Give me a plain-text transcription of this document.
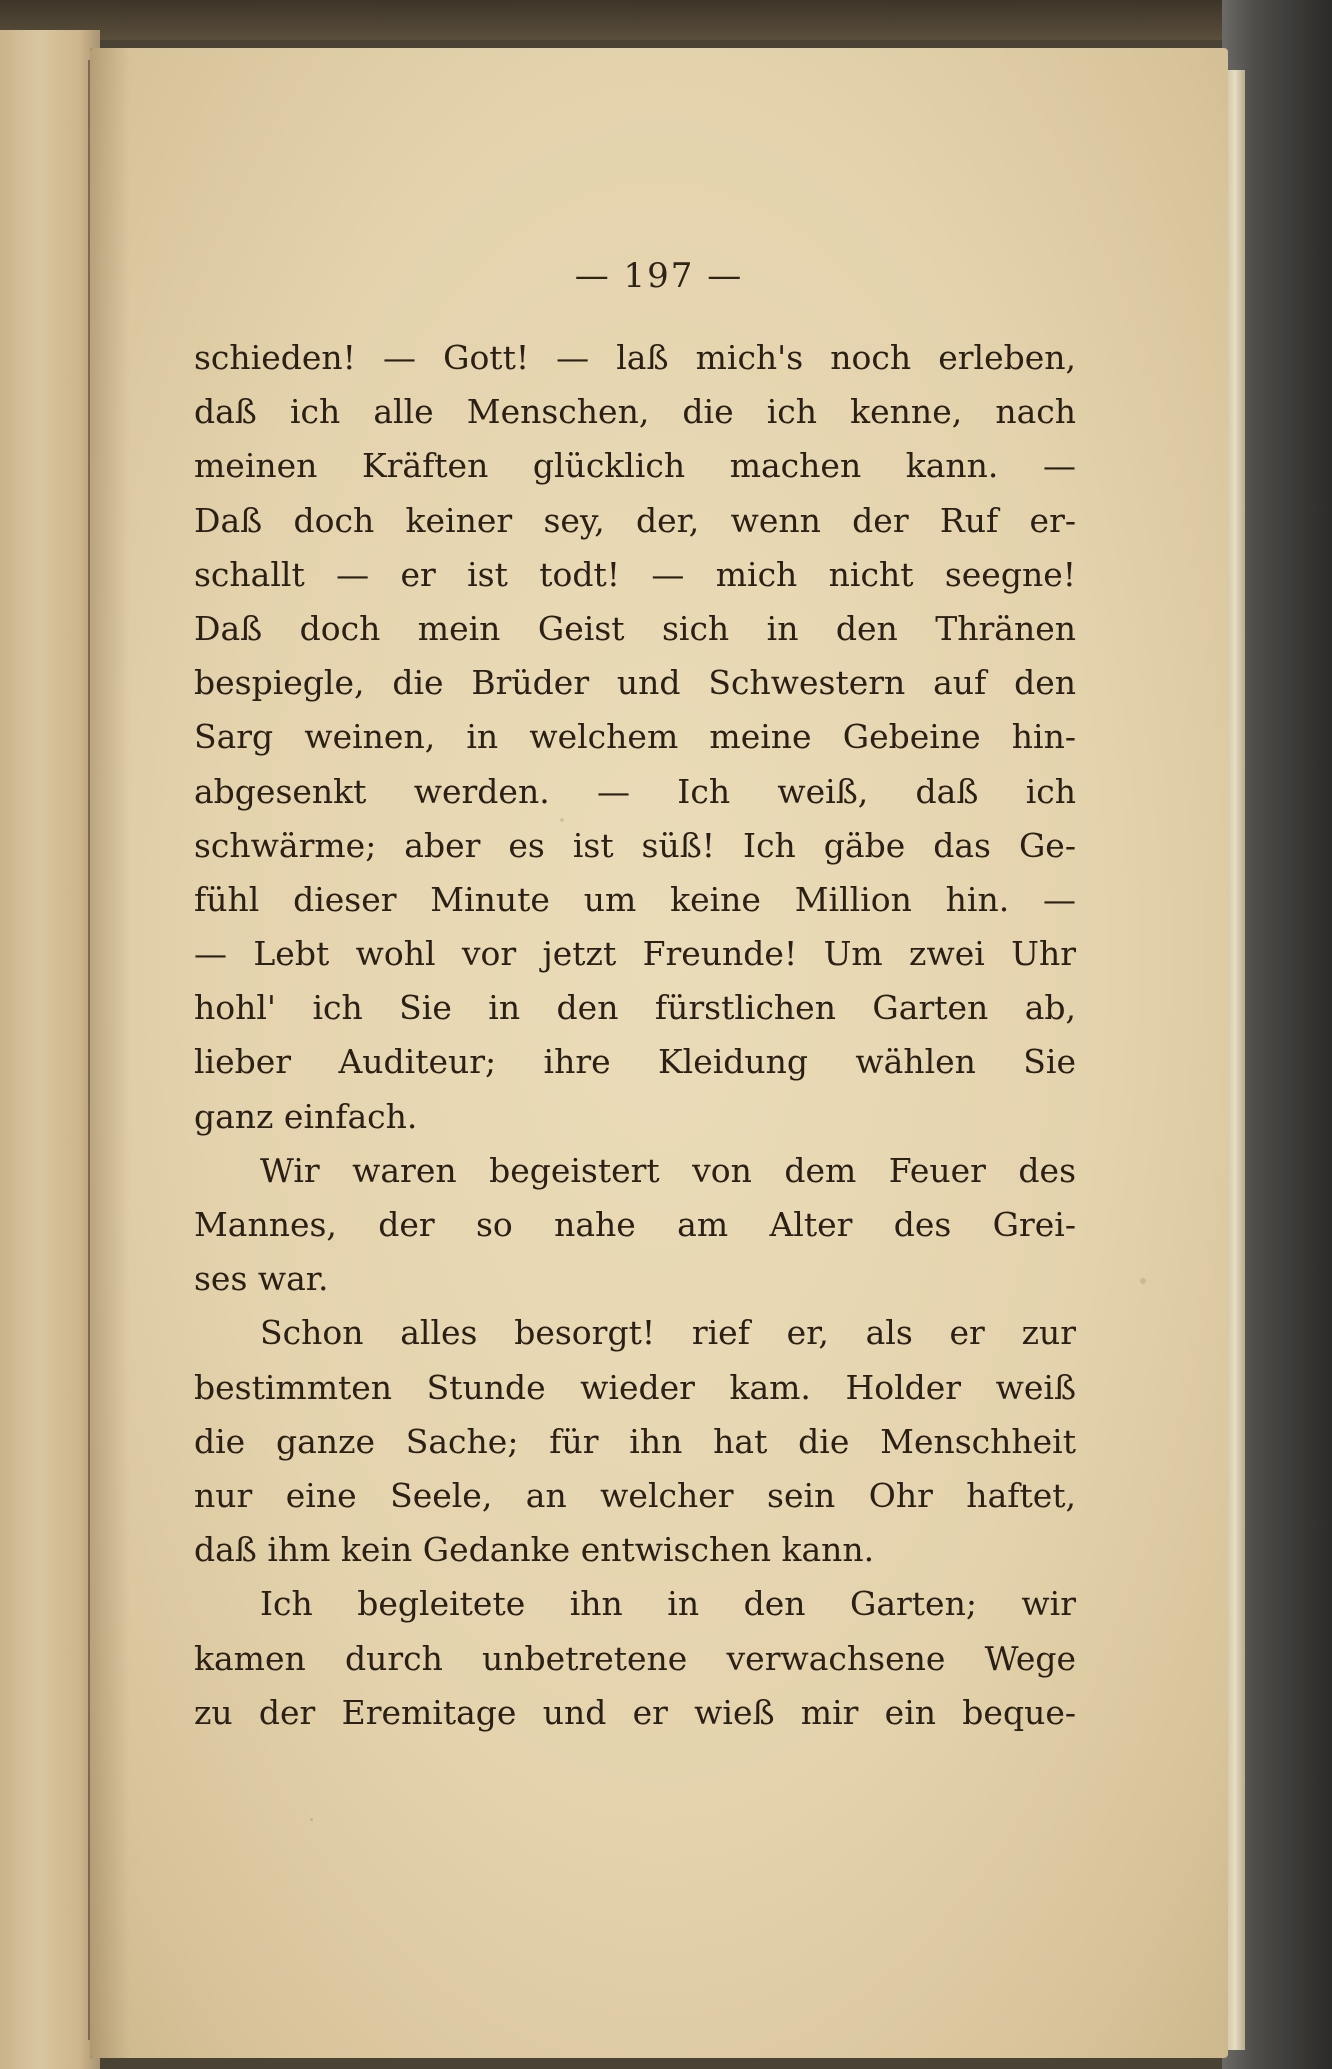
— 197 —
schieden! — Gott! — laß mich's noch erleben,
daß ich alle Menschen, die ich kenne, nach
meinen Kräften glücklich machen kann. —
Daß doch keiner sey, der, wenn der Ruf er-
schallt — er ist todt! — mich nicht seegne!
Daß doch mein Geist sich in den Thränen
bespiegle, die Brüder und Schwestern auf den
Sarg weinen, in welchem meine Gebeine hin-
abgesenkt werden. — Ich weiß, daß ich
schwärme; aber es ist süß! Ich gäbe das Ge-
fühl dieser Minute um keine Million hin. —
— Lebt wohl vor jetzt Freunde! Um zwei Uhr
hohl' ich Sie in den fürstlichen Garten ab,
lieber Auditeur; ihre Kleidung wählen Sie
ganz einfach.
Wir waren begeistert von dem Feuer des
Mannes, der so nahe am Alter des Grei-
ses war.
Schon alles besorgt! rief er, als er zur
bestimmten Stunde wieder kam. Holder weiß
die ganze Sache; für ihn hat die Menschheit
nur eine Seele, an welcher sein Ohr haftet,
daß ihm kein Gedanke entwischen kann.
Ich begleitete ihn in den Garten; wir
kamen durch unbetretene verwachsene Wege
zu der Eremitage und er wieß mir ein beque-
